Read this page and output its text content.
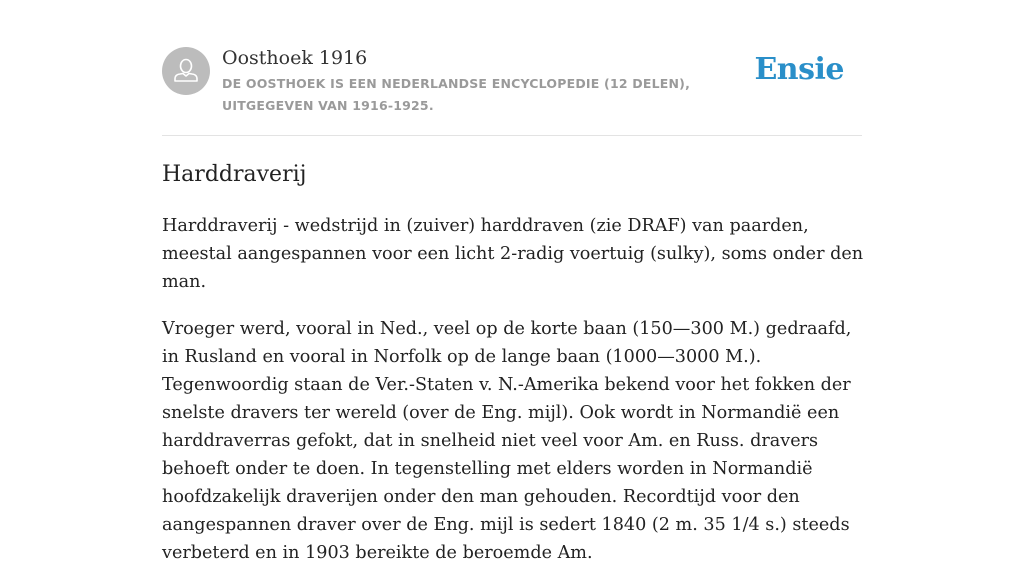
Oosthoek 1916
DE OOSTHOEK IS EEN NEDERLANDSE ENCYCLOPEDIE (12 DELEN), UITGEGEVEN VAN 1916-1925.
Ensie
Harddraverij

Harddraverij - wedstrijd in (zuiver) harddraven (zie DRAF) van paarden, meestal aangespannen voor een licht 2-radig voertuig (sulky), soms onder den man.

Vroeger werd, vooral in Ned., veel op de korte baan (150—300 M.) gedraafd, in Rusland en vooral in Norfolk op de lange baan (1000—3000 M.). Tegenwoordig staan de Ver.-Staten v. N.-Amerika bekend voor het fokken der snelste dravers ter wereld (over de Eng. mijl). Ook wordt in Normandië een harddraverras gefokt, dat in snelheid niet veel voor Am. en Russ. dravers behoeft onder te doen. In tegenstelling met elders worden in Normandië hoofdzakelijk draverijen onder den man gehouden. Recordtijd voor den aangespannen draver over de Eng. mijl is sedert 1840 (2 m. 35 1/4 s.) steeds verbeterd en in 1903 bereikte de beroemde Am.
